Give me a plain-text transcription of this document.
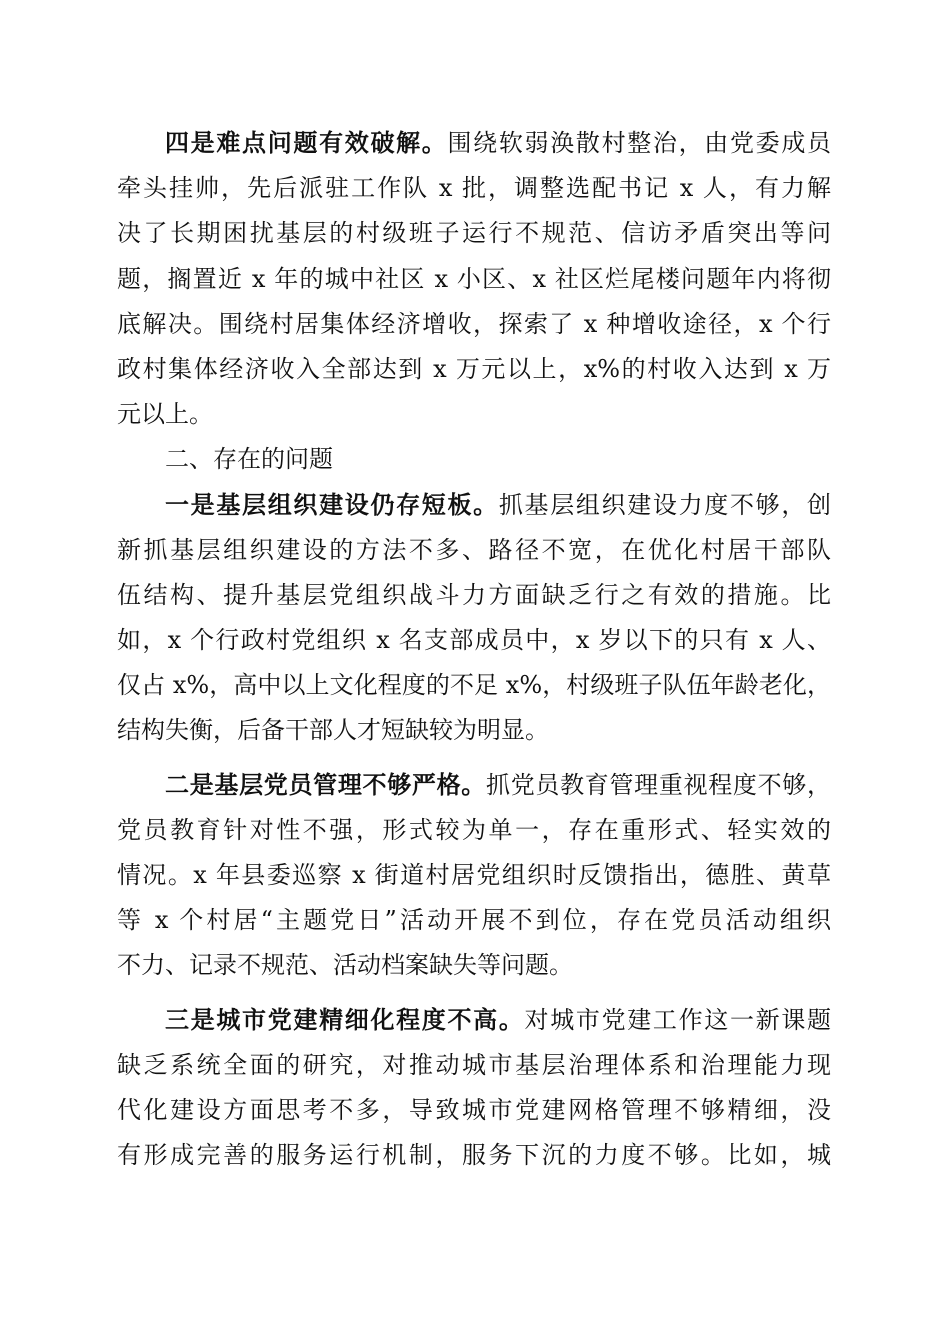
四是难点问题有效破解。围绕软弱涣散村整治，由党委成员
牵头挂帅，先后派驻工作队 x 批，调整选配书记 x 人，有力解
决了长期困扰基层的村级班子运行不规范、信访矛盾突出等问
题，搁置近 x 年的城中社区 x 小区、x 社区烂尾楼问题年内将彻
底解决。围绕村居集体经济增收，探索了 x 种增收途径，x 个行
政村集体经济收入全部达到 x 万元以上，x%的村收入达到 x 万
元以上。
二、存在的问题
一是基层组织建设仍存短板。抓基层组织建设力度不够，创
新抓基层组织建设的方法不多、路径不宽，在优化村居干部队
伍结构、提升基层党组织战斗力方面缺乏行之有效的措施。比
如，x 个行政村党组织 x 名支部成员中，x 岁以下的只有 x 人、
仅占 x%，高中以上文化程度的不足 x%，村级班子队伍年龄老化，
结构失衡，后备干部人才短缺较为明显。
二是基层党员管理不够严格。抓党员教育管理重视程度不够，
党员教育针对性不强，形式较为单一，存在重形式、轻实效的
情况。x 年县委巡察 x 街道村居党组织时反馈指出，德胜、黄草
等 x 个村居“主题党日”活动开展不到位，存在党员活动组织
不力、记录不规范、活动档案缺失等问题。
三是城市党建精细化程度不高。对城市党建工作这一新课题
缺乏系统全面的研究，对推动城市基层治理体系和治理能力现
代化建设方面思考不多，导致城市党建网格管理不够精细，没
有形成完善的服务运行机制，服务下沉的力度不够。比如，城
